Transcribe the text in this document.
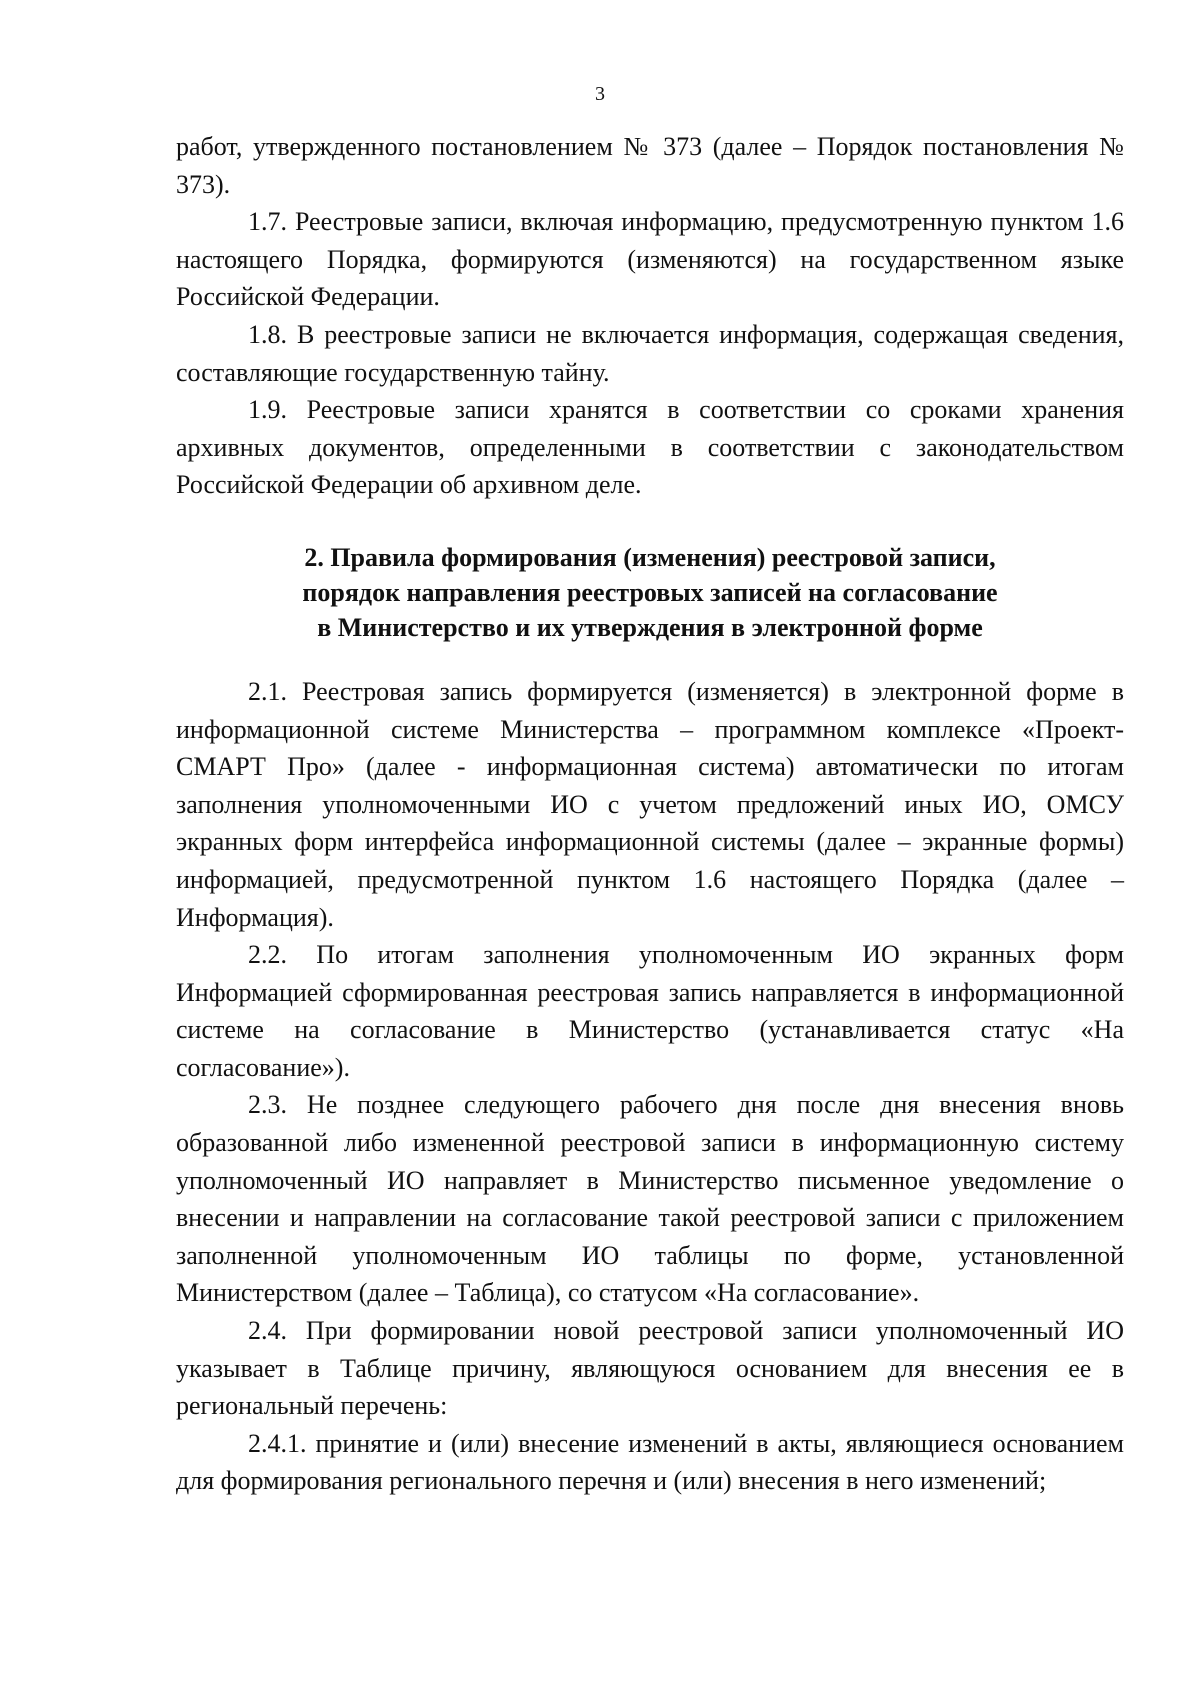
3

работ, утвержденного постановлением № 373 (далее – Порядок постановления № 373).

1.7. Реестровые записи, включая информацию, предусмотренную пунктом 1.6 настоящего Порядка, формируются (изменяются) на государственном языке Российской Федерации.

1.8. В реестровые записи не включается информация, содержащая сведения, составляющие государственную тайну.

1.9. Реестровые записи хранятся в соответствии со сроками хранения архивных документов, определенными в соответствии с законодательством Российской Федерации об архивном деле.

2. Правила формирования (изменения) реестровой записи,
порядок направления реестровых записей на согласование
в Министерство и их утверждения в электронной форме

2.1. Реестровая запись формируется (изменяется) в электронной форме в информационной системе Министерства – программном комплексе «Проект-СМАРТ Про» (далее - информационная система) автоматически по итогам заполнения уполномоченными ИО с учетом предложений иных ИО, ОМСУ экранных форм интерфейса информационной системы (далее – экранные формы) информацией, предусмотренной пунктом 1.6 настоящего Порядка (далее – Информация).

2.2. По итогам заполнения уполномоченным ИО экранных форм Информацией сформированная реестровая запись направляется в информационной системе на согласование в Министерство (устанавливается статус «На согласование»).

2.3. Не позднее следующего рабочего дня после дня внесения вновь образованной либо измененной реестровой записи в информационную систему уполномоченный ИО направляет в Министерство письменное уведомление о внесении и направлении на согласование такой реестровой записи с приложением заполненной уполномоченным ИО таблицы по форме, установленной Министерством (далее – Таблица), со статусом «На согласование».

2.4. При формировании новой реестровой записи уполномоченный ИО указывает в Таблице причину, являющуюся основанием для внесения ее в региональный перечень:

2.4.1. принятие и (или) внесение изменений в акты, являющиеся основанием для формирования регионального перечня и (или) внесения в него изменений;
